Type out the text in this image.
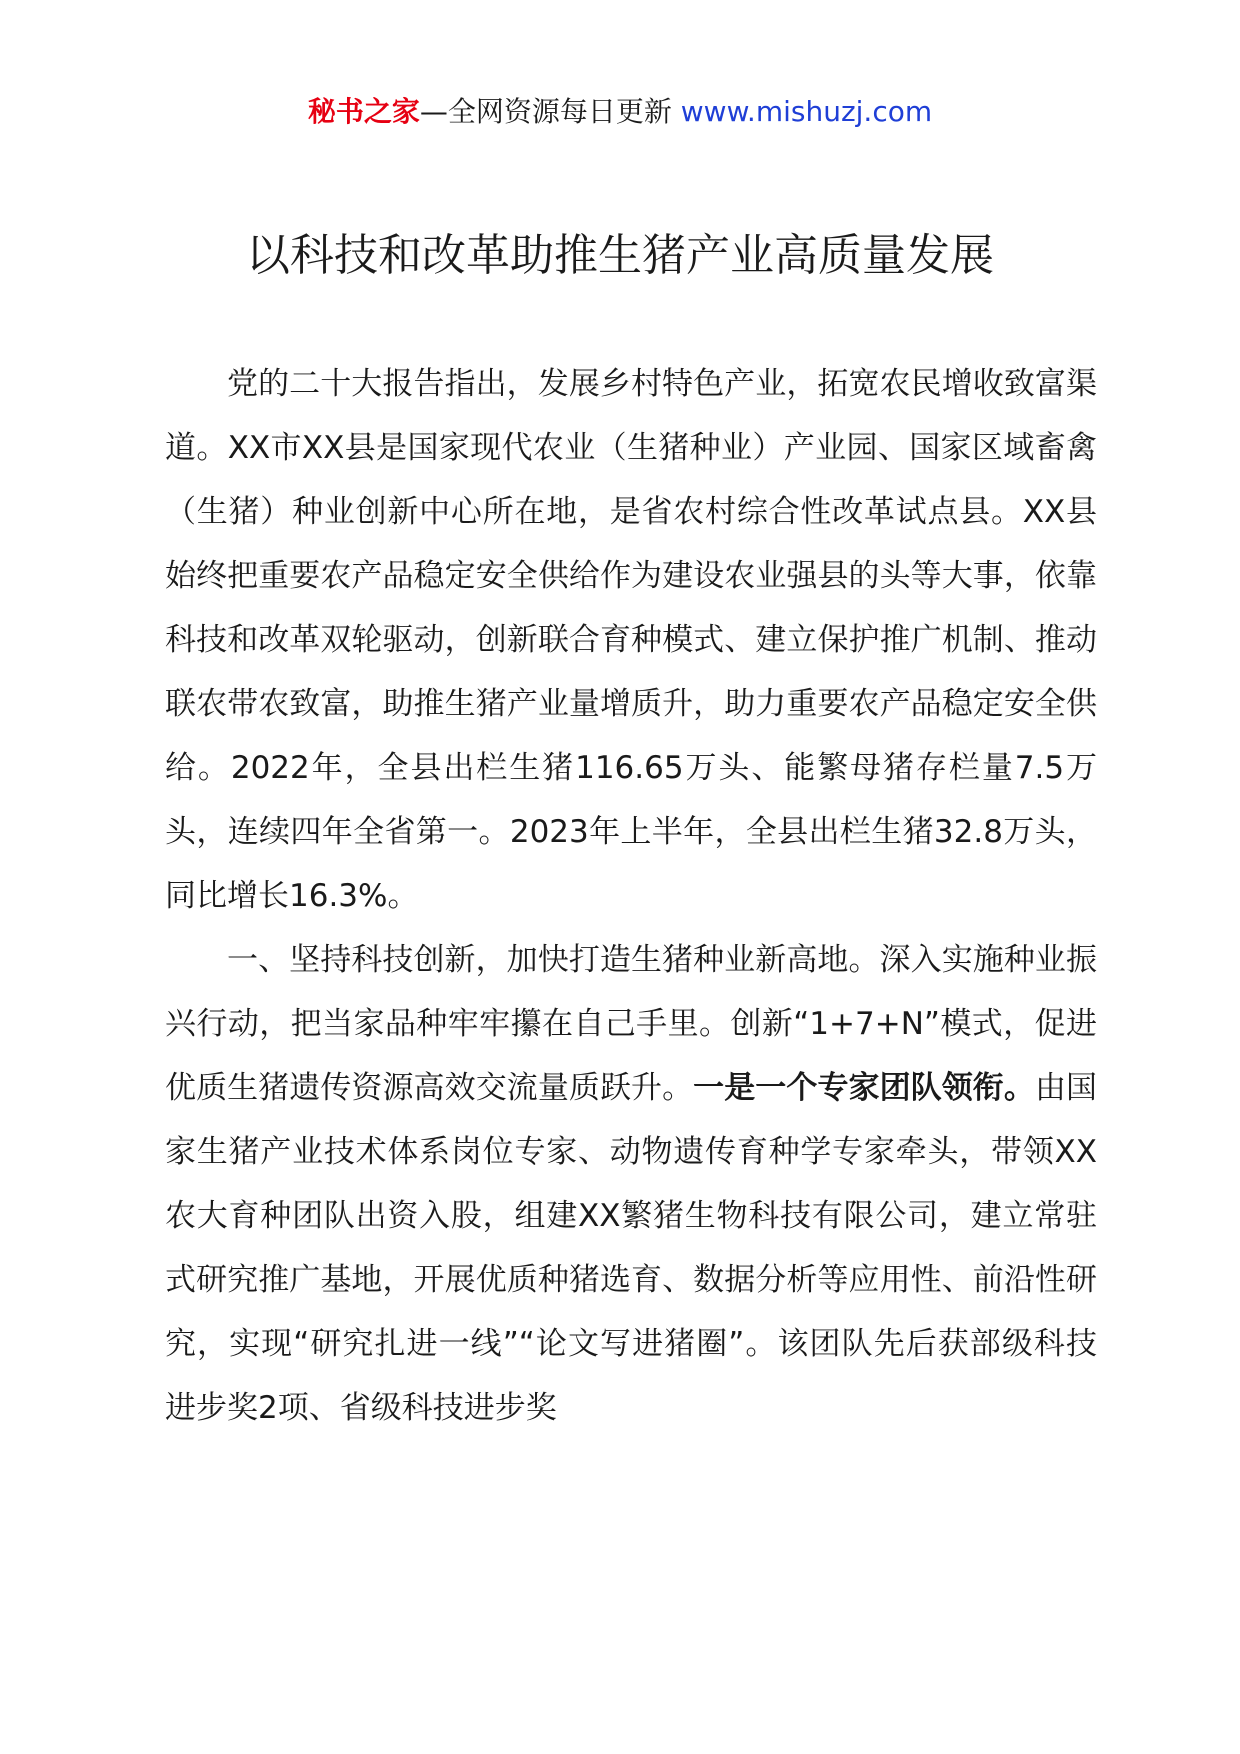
秘书之家—全网资源每日更新 www.mishuzj.com
以科技和改革助推生猪产业高质量发展

党的二十大报告指出，发展乡村特色产业，拓宽农民增收致富渠道。XX市XX县是国家现代农业（生猪种业）产业园、国家区域畜禽（生猪）种业创新中心所在地，是省农村综合性改革试点县。XX县始终把重要农产品稳定安全供给作为建设农业强县的头等大事，依靠科技和改革双轮驱动，创新联合育种模式、建立保护推广机制、推动联农带农致富，助推生猪产业量增质升，助力重要农产品稳定安全供给。2022年，全县出栏生猪116.65万头、能繁母猪存栏量7.5万头，连续四年全省第一。2023年上半年，全县出栏生猪32.8万头，同比增长16.3%。

一、坚持科技创新，加快打造生猪种业新高地。深入实施种业振兴行动，把当家品种牢牢攥在自己手里。创新“1+7+N”模式，促进优质生猪遗传资源高效交流量质跃升。一是一个专家团队领衔。由国家生猪产业技术体系岗位专家、动物遗传育种学专家牵头，带领XX农大育种团队出资入股，组建XX繁猪生物科技有限公司，建立常驻式研究推广基地，开展优质种猪选育、数据分析等应用性、前沿性研究，实现“研究扎进一线”“论文写进猪圈”。该团队先后获部级科技进步奖2项、省级科技进步奖
